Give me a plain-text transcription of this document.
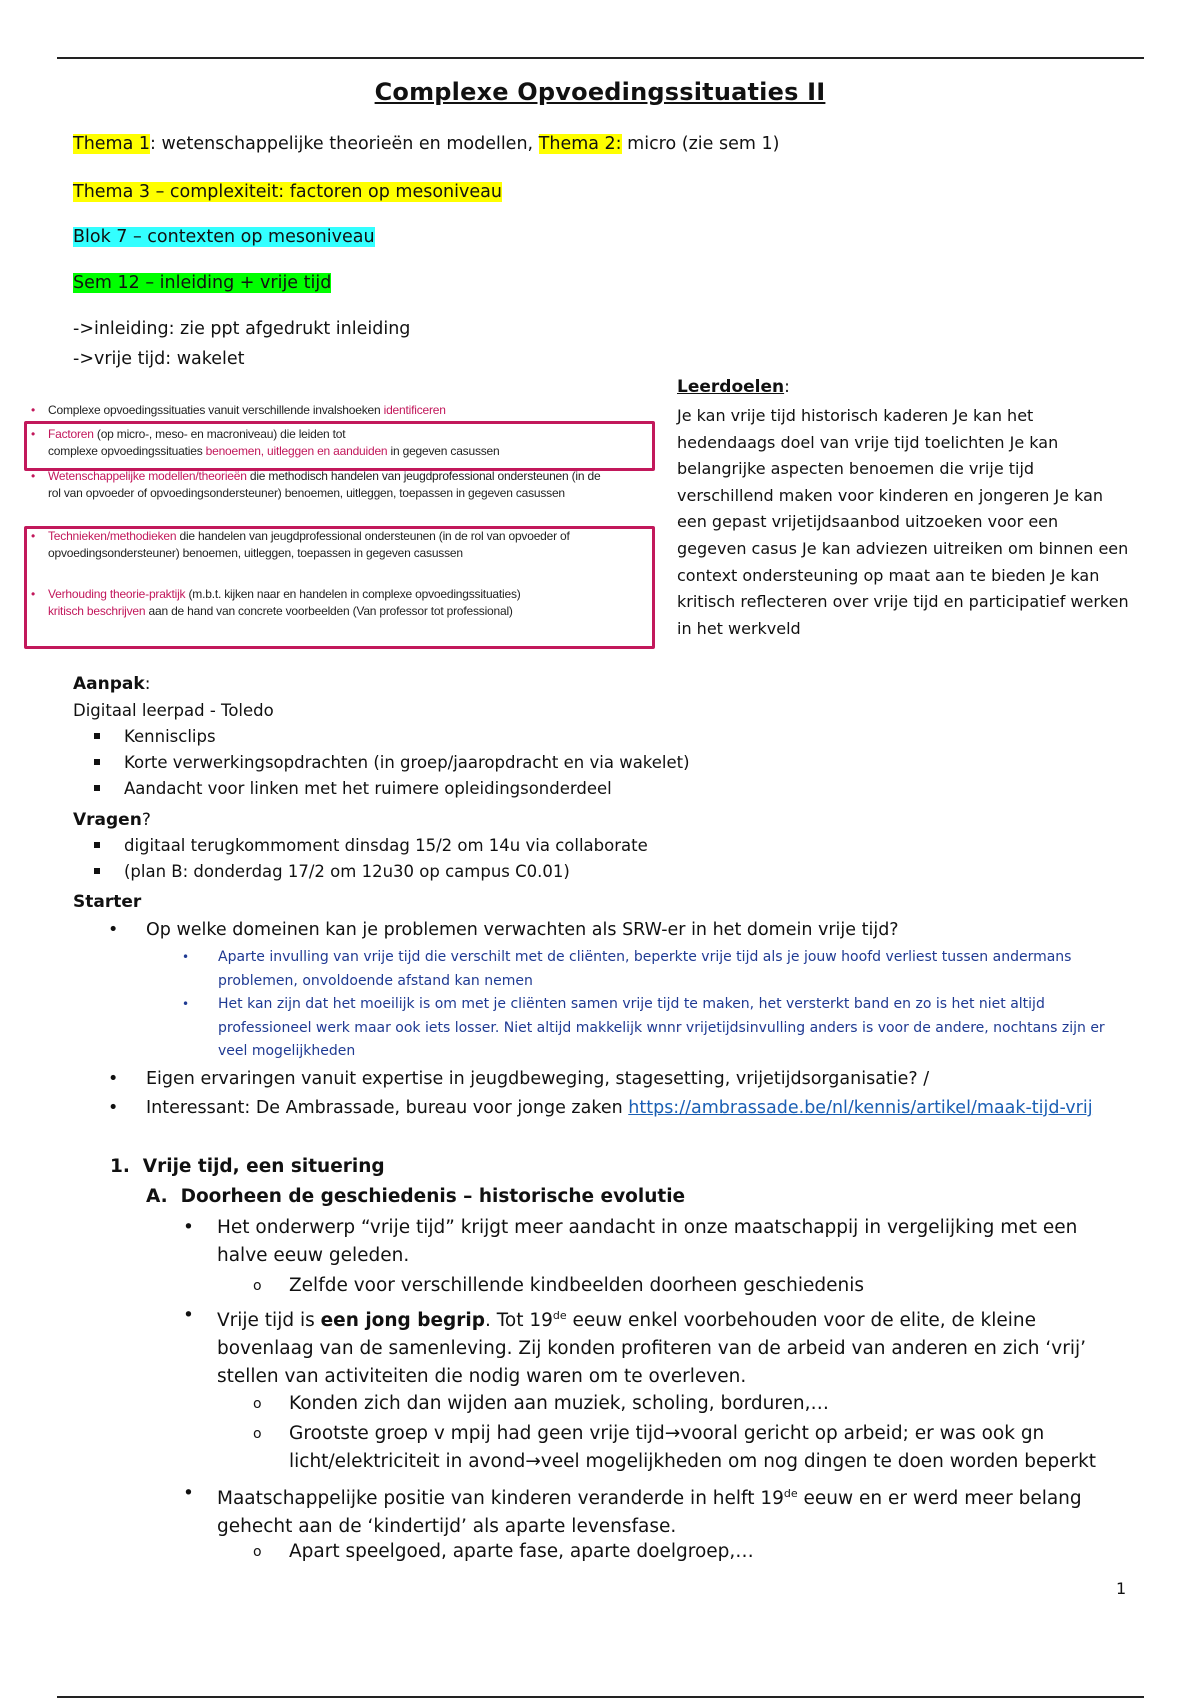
Complexe Opvoedingssituaties II
Thema 1: wetenschappelijke theorieën en modellen, Thema 2: micro (zie sem 1)
Thema 3 – complexiteit: factoren op mesoniveau
Blok 7 – contexten op mesoniveau
Sem 12 – inleiding + vrije tijd
->inleiding: zie ppt afgedrukt inleiding
->vrije tijd: wakelet
• Complexe opvoedingssituaties vanuit verschillende invalshoeken identificeren
• Factoren (op micro-, meso- en macroniveau) die leiden tot
complexe opvoedingssituaties benoemen, uitleggen en aanduiden in gegeven casussen
• Wetenschappelijke modellen/theorieën die methodisch handelen van jeugdprofessional ondersteunen (in de rol van opvoeder of opvoedingsondersteuner) benoemen, uitleggen, toepassen in gegeven casussen
• Technieken/methodieken die handelen van jeugdprofessional ondersteunen (in de rol van opvoeder of opvoedingsondersteuner) benoemen, uitleggen, toepassen in gegeven casussen
• Verhouding theorie-praktijk (m.b.t. kijken naar en handelen in complexe opvoedingssituaties) kritisch beschrijven aan de hand van concrete voorbeelden (Van professor tot professional)
Leerdoelen:
Je kan vrije tijd historisch kaderen Je kan het hedendaags doel van vrije tijd toelichten Je kan belangrijke aspecten benoemen die vrije tijd verschillend maken voor kinderen en jongeren Je kan een gepast vrijetijdsaanbod uitzoeken voor een gegeven casus Je kan adviezen uitreiken om binnen een context ondersteuning op maat aan te bieden Je kan kritisch reflecteren over vrije tijd en participatief werken in het werkveld
Aanpak:
Digitaal leerpad - Toledo
Kennisclips
Korte verwerkingsopdrachten (in groep/jaaropdracht en via wakelet)
Aandacht voor linken met het ruimere opleidingsonderdeel
Vragen?
digitaal terugkommoment dinsdag 15/2 om 14u via collaborate
(plan B: donderdag 17/2 om 12u30 op campus C0.01)
Starter
• Op welke domeinen kan je problemen verwachten als SRW-er in het domein vrije tijd?
• Aparte invulling van vrije tijd die verschilt met de cliënten, beperkte vrije tijd als je jouw hoofd verliest tussen andermans problemen, onvoldoende afstand kan nemen
• Het kan zijn dat het moeilijk is om met je cliënten samen vrije tijd te maken, het versterkt band en zo is het niet altijd professioneel werk maar ook iets losser. Niet altijd makkelijk wnnr vrijetijdsinvulling anders is voor de andere, nochtans zijn er veel mogelijkheden
• Eigen ervaringen vanuit expertise in jeugdbeweging, stagesetting, vrijetijdsorganisatie? /
• Interessant: De Ambrassade, bureau voor jonge zaken https://ambrassade.be/nl/kennis/artikel/maak-tijd-vrij
1. Vrije tijd, een situering
A. Doorheen de geschiedenis – historische evolutie
• Het onderwerp “vrije tijd” krijgt meer aandacht in onze maatschappij in vergelijking met een halve eeuw geleden.
o Zelfde voor verschillende kindbeelden doorheen geschiedenis
• Vrije tijd is een jong begrip. Tot 19de eeuw enkel voorbehouden voor de elite, de kleine bovenlaag van de samenleving. Zij konden profiteren van de arbeid van anderen en zich ‘vrij’ stellen van activiteiten die nodig waren om te overleven.
o Konden zich dan wijden aan muziek, scholing, borduren,…
o Grootste groep v mpij had geen vrije tijd→vooral gericht op arbeid; er was ook gn licht/elektriciteit in avond→veel mogelijkheden om nog dingen te doen worden beperkt
• Maatschappelijke positie van kinderen veranderde in helft 19de eeuw en er werd meer belang gehecht aan de ‘kindertijd’ als aparte levensfase.
o Apart speelgoed, aparte fase, aparte doelgroep,…
1
